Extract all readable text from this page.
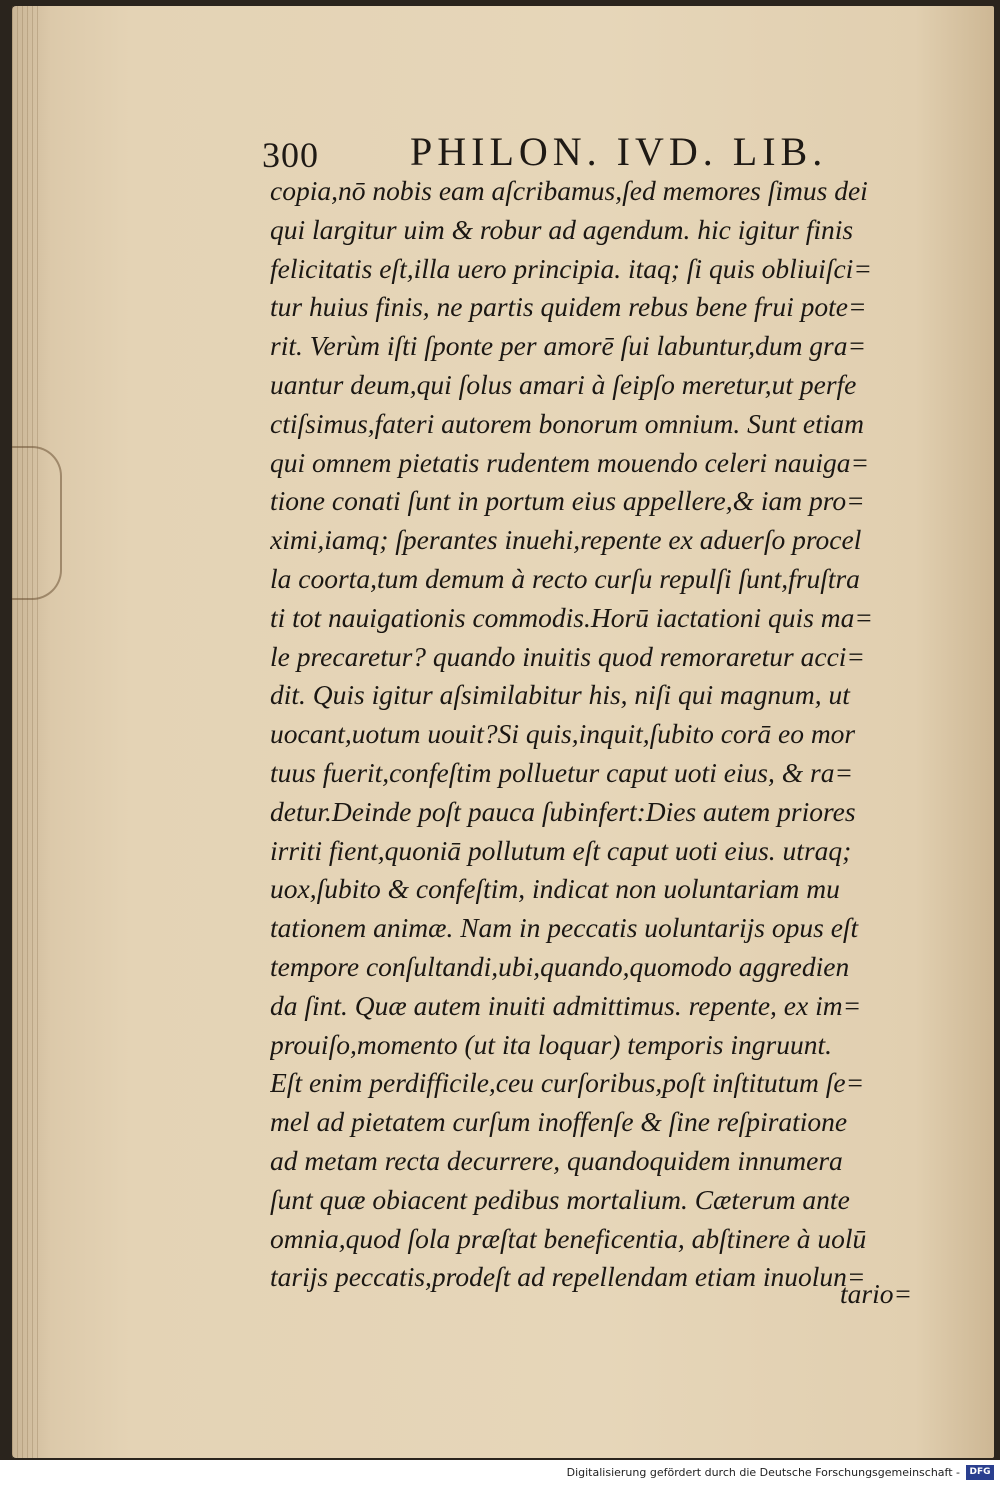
300 PHILON. IVD. LIB.
copia,nō nobis eam aſcribamus,ſed memores ſimus dei
qui largitur uim & robur ad agendum. hic igitur finis
felicitatis eſt,illa uero principia. itaq; ſi quis obliuiſci=
tur huius finis, ne partis quidem rebus bene frui pote=
rit. Verùm iſti ſponte per amorē ſui labuntur,dum gra=
uantur deum,qui ſolus amari à ſeipſo meretur,ut perfe
ctiſsimus,fateri autorem bonorum omnium. Sunt etiam
qui omnem pietatis rudentem mouendo celeri nauiga=
tione conati ſunt in portum eius appellere,& iam pro=
ximi,iamq; ſperantes inuehi,repente ex aduerſo procel
la coorta,tum demum à recto curſu repulſi ſunt,fruſtra
ti tot nauigationis commodis.Horū iactationi quis ma=
le precaretur? quando inuitis quod remoraretur acci=
dit. Quis igitur aſsimilabitur his, niſi qui magnum, ut
uocant,uotum uouit?Si quis,inquit,ſubito corā eo mor
tuus fuerit,confeſtim polluetur caput uoti eius, & ra=
detur.Deinde poſt pauca ſubinfert:Dies autem priores
irriti fient,quoniā pollutum eſt caput uoti eius. utraq;
uox,ſubito & confeſtim, indicat non uoluntariam mu
tationem animæ. Nam in peccatis uoluntarijs opus eſt
tempore conſultandi,ubi,quando,quomodo aggredien
da ſint. Quæ autem inuiti admittimus. repente, ex im=
prouiſo,momento (ut ita loquar) temporis ingruunt.
Eſt enim perdifficile,ceu curſoribus,poſt inſtitutum ſe=
mel ad pietatem curſum inoffenſe & ſine reſpiratione
ad metam recta decurrere, quandoquidem innumera
ſunt quæ obiacent pedibus mortalium. Cæterum ante
omnia,quod ſola præſtat beneficentia, abſtinere à uolū
tarijs peccatis,prodeſt ad repellendam etiam inuolun=
tario=
Digitalisierung gefördert durch die Deutsche Forschungsgemeinschaft -	DFG
